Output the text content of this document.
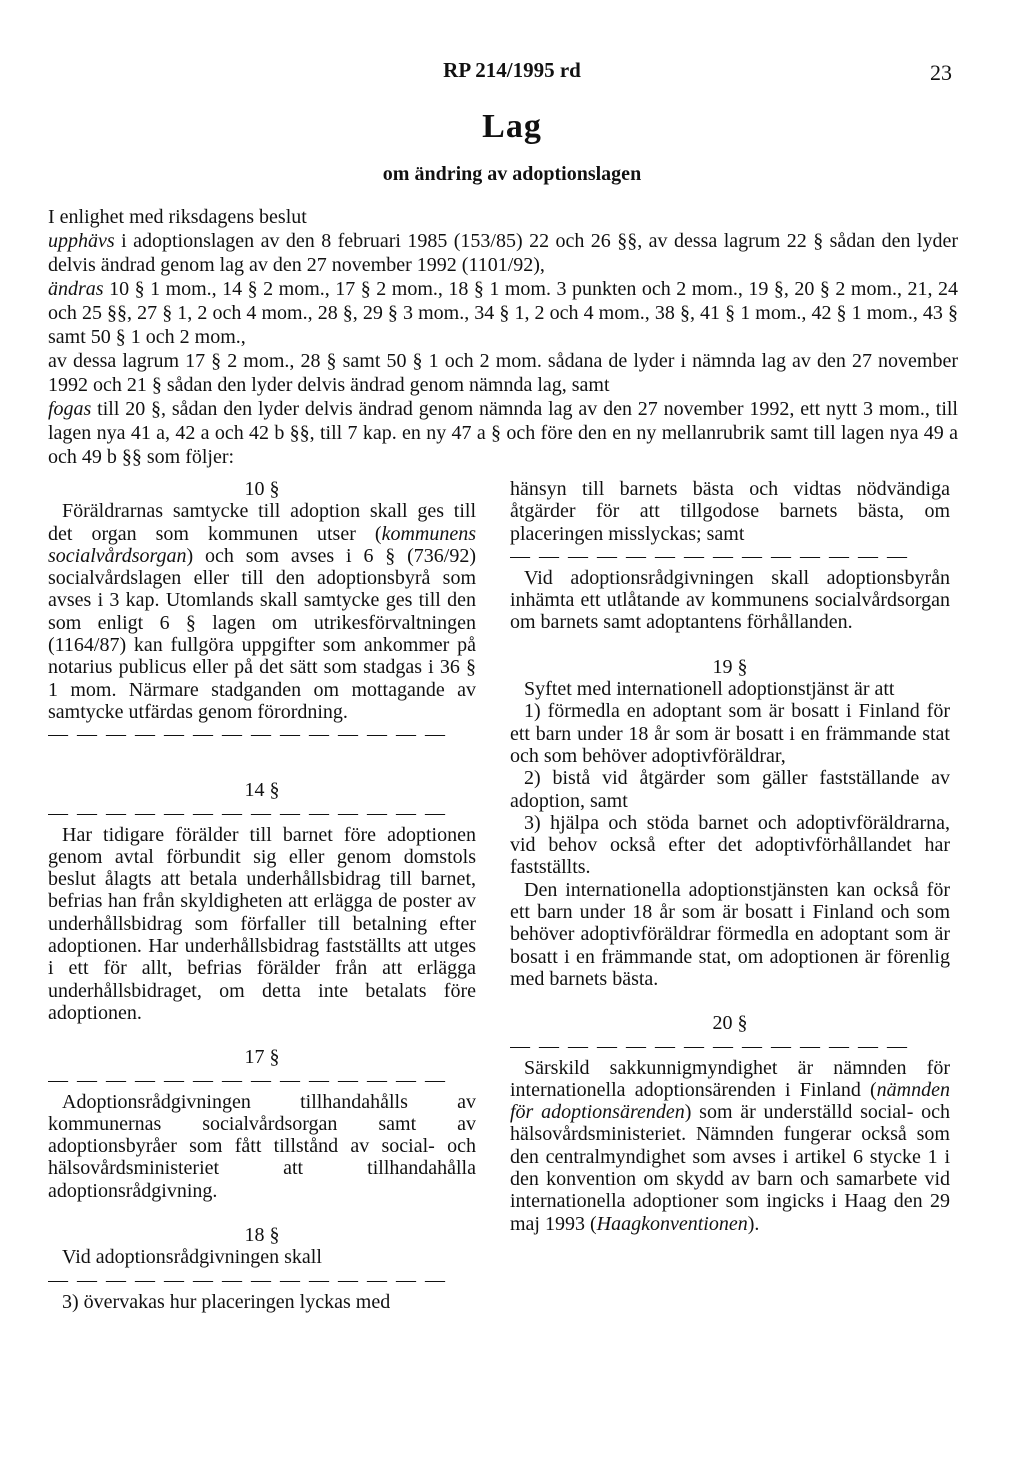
RP 214/1995 rd	23
Lag
om ändring av adoptionslagen

I enlighet med riksdagens beslut

upphävs i adoptionslagen av den 8 februari 1985 (153/85) 22 och 26 §§, av dessa lagrum 22 § sådan den lyder delvis ändrad genom lag av den 27 november 1992 (1101/92),

ändras 10 § 1 mom., 14 § 2 mom., 17 § 2 mom., 18 § 1 mom. 3 punkten och 2 mom., 19 §, 20 § 2 mom., 21, 24 och 25 §§, 27 § 1, 2 och 4 mom., 28 §, 29 § 3 mom., 34 § 1, 2 och 4 mom., 38 §, 41 § 1 mom., 42 § 1 mom., 43 § samt 50 § 1 och 2 mom.,

av dessa lagrum 17 § 2 mom., 28 § samt 50 § 1 och 2 mom. sådana de lyder i nämnda lag av den 27 november 1992 och 21 § sådan den lyder delvis ändrad genom nämnda lag, samt

fogas till 20 §, sådan den lyder delvis ändrad genom nämnda lag av den 27 november 1992, ett nytt 3 mom., till lagen nya 41 a, 42 a och 42 b §§, till 7 kap. en ny 47 a § och före den en ny mellanrubrik samt till lagen nya 49 a och 49 b §§ som följer:

10 §

Föräldrarnas samtycke till adoption skall ges till det organ som kommunen utser (kommunens socialvårdsorgan) och som avses i 6 § (736/92) socialvårdslagen eller till den adoptionsbyrå som avses i 3 kap. Utomlands skall samtycke ges till den som enligt 6 § lagen om utrikesförvaltningen (1164/87) kan fullgöra uppgifter som ankommer på notarius publicus eller på det sätt som stadgas i 36 § 1 mom. Närmare stadganden om mottagande av samtycke utfärdas genom förordning.

— — — — — — — — — — — — — —

14 §

— — — — — — — — — — — — — —

Har tidigare förälder till barnet före adoptionen genom avtal förbundit sig eller genom domstols beslut ålagts att betala underhållsbidrag till barnet, befrias han från skyldigheten att erlägga de poster av underhållsbidrag som förfaller till betalning efter adoptionen. Har underhållsbidrag fastställts att utges i ett för allt, befrias förälder från att erlägga underhållsbidraget, om detta inte betalats före adoptionen.

17 §

— — — — — — — — — — — — — —

Adoptionsrådgivningen tillhandahålls av kommunernas socialvårdsorgan samt av adoptionsbyråer som fått tillstånd av social- och hälsovårdsministeriet att tillhandahålla adoptionsrådgivning.

18 §

Vid adoptionsrådgivningen skall

— — — — — — — — — — — — — —

3) övervakas hur placeringen lyckas med

hänsyn till barnets bästa och vidtas nödvändiga åtgärder för att tillgodose barnets bästa, om placeringen misslyckas; samt

— — — — — — — — — — — — — —

Vid adoptionsrådgivningen skall adoptionsbyrån inhämta ett utlåtande av kommunens socialvårdsorgan om barnets samt adoptantens förhållanden.

19 §

Syftet med internationell adoptionstjänst är att

1) förmedla en adoptant som är bosatt i Finland för ett barn under 18 år som är bosatt i en främmande stat och som behöver adoptivföräldrar,

2) bistå vid åtgärder som gäller fastställande av adoption, samt

3) hjälpa och stöda barnet och adoptivföräldrarna, vid behov också efter det adoptivförhållandet har fastställts.

Den internationella adoptionstjänsten kan också för ett barn under 18 år som är bosatt i Finland och som behöver adoptivföräldrar förmedla en adoptant som är bosatt i en främmande stat, om adoptionen är förenlig med barnets bästa.

20 §

— — — — — — — — — — — — — —

Särskild sakkunnigmyndighet är nämnden för internationella adoptionsärenden i Finland (nämnden för adoptionsärenden) som är underställd social- och hälsovårdsministeriet. Nämnden fungerar också som den centralmyndighet som avses i artikel 6 stycke 1 i den konvention om skydd av barn och samarbete vid internationella adoptioner som ingicks i Haag den 29 maj 1993 (Haagkonventionen).
